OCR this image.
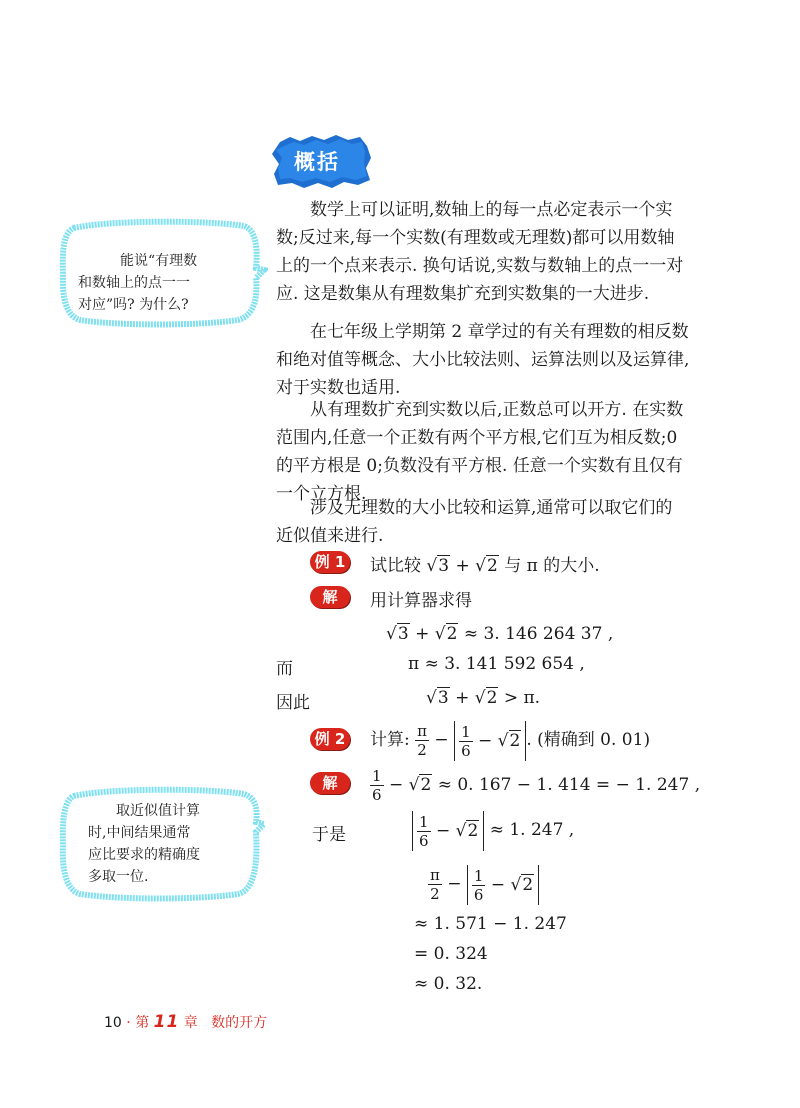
概括
数学上可以证明,数轴上的每一点必定表示一个实
数;反过来,每一个实数(有理数或无理数)都可以用数轴
上的一个点来表示. 换句话说,实数与数轴上的点一一对
应. 这是数集从有理数集扩充到实数集的一大进步.
能说“有理数
和数轴上的点一一
对应”吗? 为什么?
在七年级上学期第 2 章学过的有关有理数的相反数
和绝对值等概念、大小比较法则、运算法则以及运算律,
对于实数也适用.
从有理数扩充到实数以后,正数总可以开方. 在实数
范围内,任意一个正数有两个平方根,它们互为相反数;0
的平方根是 0;负数没有平方根. 任意一个实数有且仅有
一个立方根.
涉及无理数的大小比较和运算,通常可以取它们的
近似值来进行.
例 1 试比较 √3 + √2 与 π 的大小.
解	用计算器求得
√3 + √2 ≈ 3. 146 264 37 ,
而	π ≈ 3. 141 592 654 ,
因此	√3 + √2 > π.
例 2 计算: $\frac{\pi}{2} - \frac{1}{6} - √2$ . (精确到 0. 01)
解	$\frac{1}{6} - √2 \approx 0$. 167 − 1. 414 = − 1. 247 ,
取近似值计算
时,中间结果通常
应比要求的精确度
多取一位.
于是	$\frac{1}{6} - √2 \approx 1$. 247 ,
$\frac{\pi}{2} - \frac{1}{6} - √2$
≈ 1. 571 − 1. 247
= 0. 324
≈ 0. 32.
10 · 第 11 章 数的开方
